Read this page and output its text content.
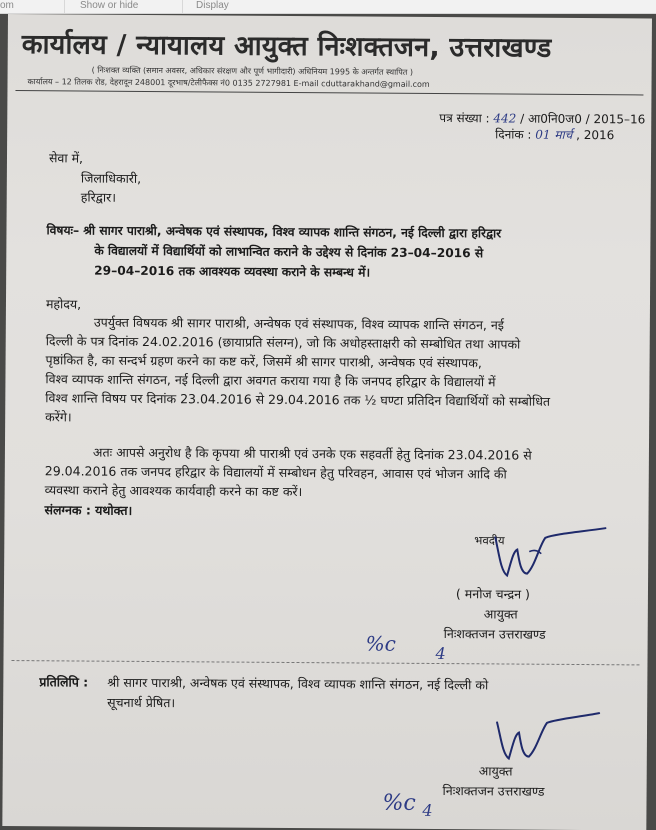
om	Show or hide	Display
कार्यालय / न्यायालय आयुक्त निःशक्तजन, उत्तराखण्ड
( निःशक्त व्यक्ति (समान अवसर, अधिकार संरक्षण और पूर्ण भागीदारी) अधिनियम 1995 के अन्तर्गत स्थापित )
कार्यालय – 12 तिलक रोड, देहरादून 248001 दूरभाष/टेलीफैक्स नं0 0135 2727981 E-mail cduttarakhand@gmail.com
पत्र संख्या : 442 / आ0नि0ज0 / 2015–16
दिनांक : 01 मार्च , 2016
सेवा में,
जिलाधिकारी,
हरिद्वार।
विषयः– श्री सागर पाराश्री, अन्वेषक एवं संस्थापक, विश्व व्यापक शान्ति संगठन, नई दिल्ली द्वारा हरिद्वार
के विद्यालयों में विद्यार्थियों को लाभान्वित कराने के उद्देश्य से दिनांक 23–04–2016 से
29–04–2016 तक आवश्यक व्यवस्था कराने के सम्बन्ध में।
महोदय,
उपर्युक्त विषयक श्री सागर पाराश्री, अन्वेषक एवं संस्थापक, विश्व व्यापक शान्ति संगठन, नई
दिल्ली के पत्र दिनांक 24.02.2016 (छायाप्रति संलग्न), जो कि अधोहस्ताक्षरी को सम्बोधित तथा आपको
पृष्ठांकित है, का सन्दर्भ ग्रहण करने का कष्ट करें, जिसमें श्री सागर पाराश्री, अन्वेषक एवं संस्थापक,
विश्व व्यापक शान्ति संगठन, नई दिल्ली द्वारा अवगत कराया गया है कि जनपद हरिद्वार के विद्यालयों में
विश्व शान्ति विषय पर दिनांक 23.04.2016 से 29.04.2016 तक ½ घण्टा प्रतिदिन विद्यार्थियों को सम्बोधित
करेंगे।
अतः आपसे अनुरोध है कि कृपया श्री पाराश्री एवं उनके एक सहवर्ती हेतु दिनांक 23.04.2016 से
29.04.2016 तक जनपद हरिद्वार के विद्यालयों में सम्बोधन हेतु परिवहन, आवास एवं भोजन आदि की
व्यवस्था कराने हेतु आवश्यक कार्यवाही करने का कष्ट करें।
संलग्नक : यथोक्त।
भवदीय
( मनोज चन्द्रन )
आयुक्त
निःशक्तजन उत्तराखण्ड
%c 4
प्रतिलिपि : श्री सागर पाराश्री, अन्वेषक एवं संस्थापक, विश्व व्यापक शान्ति संगठन, नई दिल्ली को
सूचनार्थ प्रेषित।
आयुक्त
निःशक्तजन उत्तराखण्ड
%c 4
